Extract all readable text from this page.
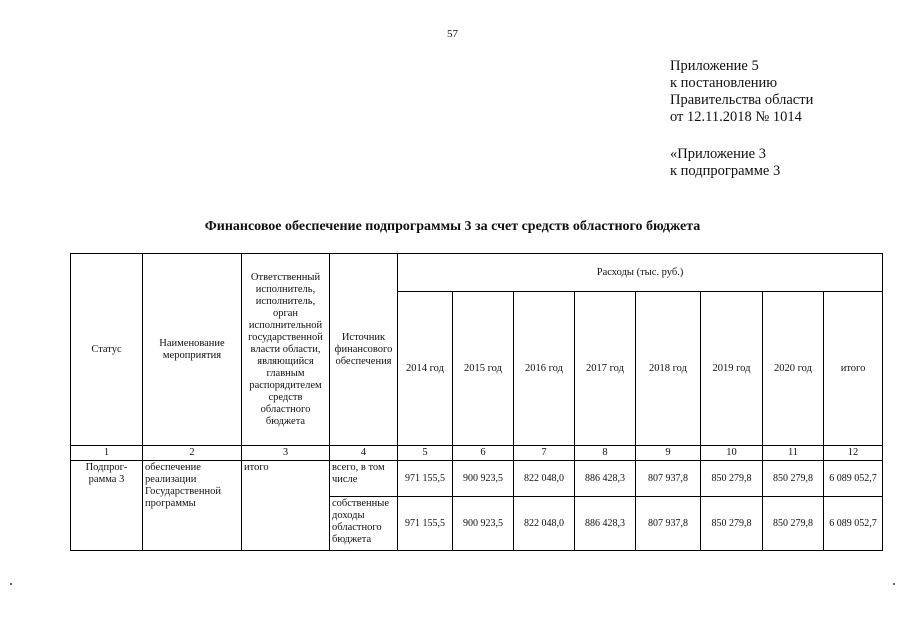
57
Приложение 5
к постановлению
Правительства области
от 12.11.2018 № 1014
«Приложение 3
к подпрограмме 3
Финансовое обеспечение подпрограммы 3 за счет средств областного бюджета
Статус	Наименование мероприятия	Ответственный исполнитель, исполнитель, орган исполнительной государственной власти области, являющийся главным распорядителем средств областного бюджета	Источник финансового обеспечения	Расходы (тыс. руб.)							
				2014 год	2015 год	2016 год	2017 год	2018 год	2019 год	2020 год	итого
1	2	3	4	5	6	7	8	9	10	11	12
Подпрог-рамма 3	обеспечение реализации Государственной программы	итого	всего, в том числе	971 155,5	900 923,5	822 048,0	886 428,3	807 937,8	850 279,8	850 279,8	6 089 052,7
			собственные доходы областного бюджета	971 155,5	900 923,5	822 048,0	886 428,3	807 937,8	850 279,8	850 279,8	6 089 052,7
